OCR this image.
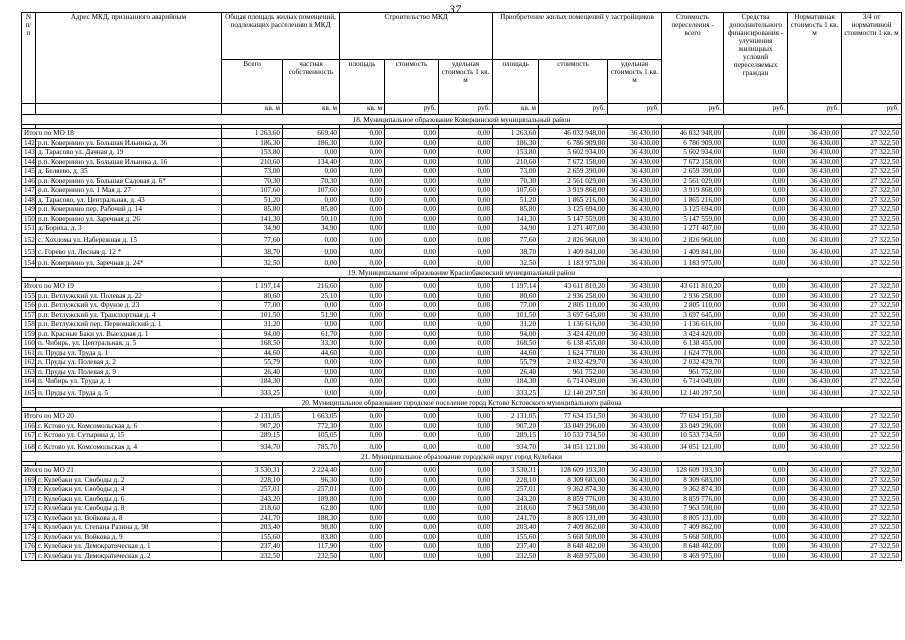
37
N п/п	Адрес МКД, признанного аварийным	Общая площадь жилых помещений, подлежащих расселению в МКД		Строительство МКД			Приобретение жилых помещений у застройщиков			Стоимость переселения - всего	Средства дополнительного финансирования - улучшения жилищных условий переселяемых граждан	Нормативная стоимость 1 кв. м	3/4 от нормативной стоимости 1 кв. м
		Всего	частная собственность	площадь	стоимость	удельная стоимость 1 кв. м	площадь	стоимость	удельная стоимость 1 кв. м				
		кв. м	кв. м	кв. м	руб.	руб.	кв. м	руб.	руб.	руб.	руб.	руб.	руб.
18. Муниципальное образование Ковернинский муниципальный район													

Итого по МО 18		1 263,60	669,40	0,00	0,00	0,00	1 263,60	46 032 948,00	36 430,00	46 032 948,00	0,00	36 430,00	27 322,50
142	р.п. Ковернино ул. Большая Ильинка д. 36	186,30	186,30	0,00	0,00	0,00	186,30	6 786 909,00	36 430,00	6 786 909,00	0,00	36 430,00	27 322,50
143	д. Тарасово ул. Дачная д. 19	153,80	0,00	0,00	0,00	0,00	153,80	5 602 934,00	36 430,00	5 602 934,00	0,00	36 430,00	27 322,50
144	р.п. Ковернино ул. Большая Ильинка д. 16	210,60	134,40	0,00	0,00	0,00	210,60	7 672 158,00	36 430,00	7 672 158,00	0,00	36 430,00	27 322,50
145	д. Беляево, д. 35	73,00	0,00	0,00	0,00	0,00	73,00	2 659 390,00	36 430,00	2 659 390,00	0,00	36 430,00	27 322,50
146	р.п. Ковернино ул. Большая Садовая д. 6*	70,30	70,30	0,00	0,00	0,00	70,30	2 561 029,00	36 430,00	2 561 029,00	0,00	36 430,00	27 322,50
147	р.п. Ковернино ул. 1 Мая д. 27	107,60	107,60	0,00	0,00	0,00	107,60	3 919 868,00	36 430,00	3 919 868,00	0,00	36 430,00	27 322,50
148	д. Тарасово, ул. Центральная, д. 43	51,20	0,00	0,00	0,00	0,00	51,20	1 865 216,00	36 430,00	1 865 216,00	0,00	36 430,00	27 322,50
149	р.п. Ковернино пер. Рабочий д. 14	85,80	85,80	0,00	0,00	0,00	85,80	3 125 694,00	36 430,00	3 125 694,00	0,00	36 430,00	27 322,50
150	р.п. Ковернино ул. Заречная д. 26	141,30	50,10	0,00	0,00	0,00	141,30	5 147 559,00	36 430,00	5 147 559,00	0,00	36 430,00	27 322,50
151	д. Бориха, д. 3	34,90	34,90	0,00	0,00	0,00	34,90	1 271 407,00	36 430,00	1 271 407,00	0,00	36 430,00	27 322,50
152	с. Хохлома ул. Набережная д. 15	77,60	0,00	0,00	0,00	0,00	77,60	2 826 968,00	36 430,00	2 826 968,00	0,00	36 430,00	27 322,50
153	с. Горево ул. Лесная д. 12 *	38,70	0,00	0,00	0,00	0,00	38,70	1 409 841,00	36 430,00	1 409 841,00	0,00	36 430,00	27 322,50
154	р.п. Ковернино ул. Заречная д. 24*	32,50	0,00	0,00	0,00	0,00	32,50	1 183 975,00	36 430,00	1 183 975,00	0,00	36 430,00	27 322,50
19. Муниципальное образование Краснобаковский муниципальный район													

Итого по МО 19		1 197,14	216,60	0,00	0,00	0,00	1 197,14	43 611 810,20	36 430,00	43 611 810,20	0,00	36 430,00	27 322,50
155	р.п. Ветлужский ул. Полевая д. 22	80,60	25,10	0,00	0,00	0,00	80,60	2 936 258,00	36 430,00	2 936 258,00	0,00	36 430,00	27 322,50
156	р.п. Ветлужский ул. Фрунзе д. 23	77,00	0,00	0,00	0,00	0,00	77,00	2 805 110,00	36 430,00	2 805 110,00	0,00	36 430,00	27 322,50
157	р.п. Ветлужский ул. Транспортная д. 4	101,50	51,90	0,00	0,00	0,00	101,50	3 697 645,00	36 430,00	3 697 645,00	0,00	36 430,00	27 322,50
158	р.п. Ветлужский пер. Первомайский д. 1	31,20	0,00	0,00	0,00	0,00	31,20	1 136 616,00	36 430,00	1 136 616,00	0,00	36 430,00	27 322,50
159	р.п. Красные Баки ул. Выездная д. 1	94,00	61,70	0,00	0,00	0,00	94,00	3 424 420,00	36 430,00	3 424 420,00	0,00	36 430,00	27 322,50
160	п. Чибирь, ул. Центральная, д. 5	168,50	33,30	0,00	0,00	0,00	168,50	6 138 455,00	36 430,00	6 138 455,00	0,00	36 430,00	27 322,50
161	п. Пруды ул. Труда д. 1	44,60	44,60	0,00	0,00	0,00	44,60	1 624 778,00	36 430,00	1 624 778,00	0,00	36 430,00	27 322,50
162	п. Пруды ул. Полевая д. 2	55,79	0,00	0,00	0,00	0,00	55,79	2 032 429,70	36 430,00	2 032 429,70	0,00	36 430,00	27 322,50
163	п. Пруды ул. Полевая д. 9	26,40	0,00	0,00	0,00	0,00	26,40	961 752,00	36 430,00	961 752,00	0,00	36 430,00	27 322,50
164	п. Чибирь ул. Труда д. 1	184,30	0,00	0,00	0,00	0,00	184,30	6 714 049,00	36 430,00	6 714 049,00	0,00	36 430,00	27 322,50
165	п. Пруды ул. Труда д. 5	333,25	0,00	0,00	0,00	0,00	333,25	12 140 297,50	36 430,00	12 140 297,50	0,00	36 430,00	27 322,50
20. Муниципальное образование городское поселение город Кстово Кстовского муниципального района													

Итого по МО 20		2 131,05	1 663,05	0,00	0,00	0,00	2 131,05	77 634 151,50	36 430,00	77 634 151,50	0,00	36 430,00	27 322,50
166	г. Кстово ул. Комсомольская д. 6	907,20	772,30	0,00	0,00	0,00	907,20	33 049 296,00	36 430,00	33 049 296,00	0,00	36 430,00	27 322,50
167	г. Кстово ул. Сутырина д. 15	289,15	105,05	0,00	0,00	0,00	289,15	10 533 734,50	36 430,00	10 533 734,50	0,00	36 430,00	27 322,50
168	г. Кстово ул. Комсомольская д. 4	934,70	785,70	0,00	0,00	0,00	934,70	34 051 121,00	36 430,00	34 051 121,00	0,00	36 430,00	27 322,50
21. Муниципальное образование городской округ город Кулебаки													

Итого по МО 21		3 530,31	2 224,40	0,00	0,00	0,00	3 530,31	128 609 193,30	36 430,00	128 609 193,30	0,00	36 430,00	27 322,50
169	г. Кулебаки ул. Свободы д. 2	228,10	96,30	0,00	0,00	0,00	228,10	8 309 683,00	36 430,00	8 309 683,00	0,00	36 430,00	27 322,50
170	г. Кулебаки ул. Свободы д. 4	257,01	257,01	0,00	0,00	0,00	257,01	9 362 874,30	36 430,00	9 362 874,30	0,00	36 430,00	27 322,50
171	г. Кулебаки ул. Свободы д. 6	243,20	189,80	0,00	0,00	0,00	243,20	8 859 776,00	36 430,00	8 859 776,00	0,00	36 430,00	27 322,50
172	г. Кулебаки ул. Свободы д. 8	218,60	62,80	0,00	0,00	0,00	218,60	7 963 598,00	36 430,00	7 963 598,00	0,00	36 430,00	27 322,50
173	г. Кулебаки ул. Войкова д. 8	241,70	188,30	0,00	0,00	0,00	241,70	8 805 131,00	36 430,00	8 805 131,00	0,00	36 430,00	27 322,50
174	г. Кулебаки ул. Степана Разина д. 98	203,40	98,80	0,00	0,00	0,00	203,40	7 409 862,00	36 430,00	7 409 862,00	0,00	36 430,00	27 322,50
175	г. Кулебаки ул. Войкова д. 9	155,60	83,80	0,00	0,00	0,00	155,60	5 668 508,00	36 430,00	5 668 508,00	0,00	36 430,00	27 322,50
176	г. Кулебаки ул. Демократическая д. 1	237,40	117,90	0,00	0,00	0,00	237,40	8 648 482,00	36 430,00	8 648 482,00	0,00	36 430,00	27 322,50
177	г. Кулебаки ул. Демократическая д. 2	232,50	232,50	0,00	0,00	0,00	232,50	8 469 975,00	36 430,00	8 469 975,00	0,00	36 430,00	27 322,50
